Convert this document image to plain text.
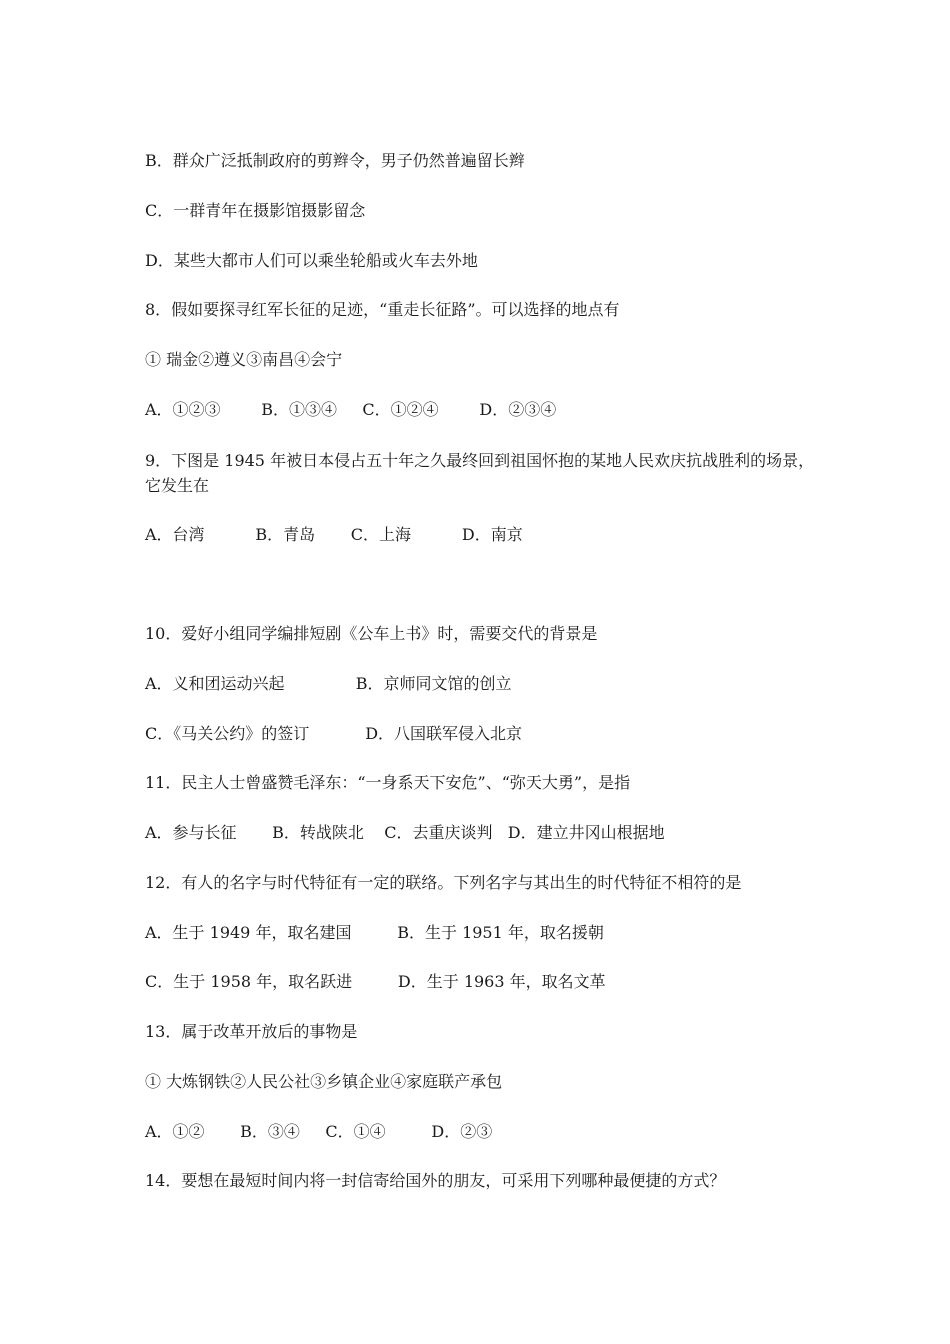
B．群众广泛抵制政府的剪辫令，男子仍然普遍留长辫
C．一群青年在摄影馆摄影留念
D．某些大都市人们可以乘坐轮船或火车去外地
8．假如要探寻红军长征的足迹，“重走长征路”。可以选择的地点有
① 瑞金②遵义③南昌④会宁
A．①②③        B．①③④     C．①②④        D．②③④
9．下图是 1945 年被日本侵占五十年之久最终回到祖国怀抱的某地人民欢庆抗战胜利的场景，它发生在
A．台湾          B．青岛       C．上海          D．南京
10．爱好小组同学编排短剧《公车上书》时，需要交代的背景是
A．义和团运动兴起              B．京师同文馆的创立
C．《马关公约》的签订           D．八国联军侵入北京
11．民主人士曾盛赞毛泽东：“一身系天下安危”、“弥天大勇”，是指
A．参与长征       B．转战陕北    C．去重庆谈判   D．建立井冈山根据地
12．有人的名字与时代特征有一定的联络。下列名字与其出生的时代特征不相符的是
A．生于 1949 年，取名建国         B．生于 1951 年，取名援朝
C．生于 1958 年，取名跃进         D．生于 1963 年，取名文革
13．属于改革开放后的事物是
① 大炼钢铁②人民公社③乡镇企业④家庭联产承包
A．①②       B．③④     C．①④         D．②③
14．要想在最短时间内将一封信寄给国外的朋友，可采用下列哪种最便捷的方式？
